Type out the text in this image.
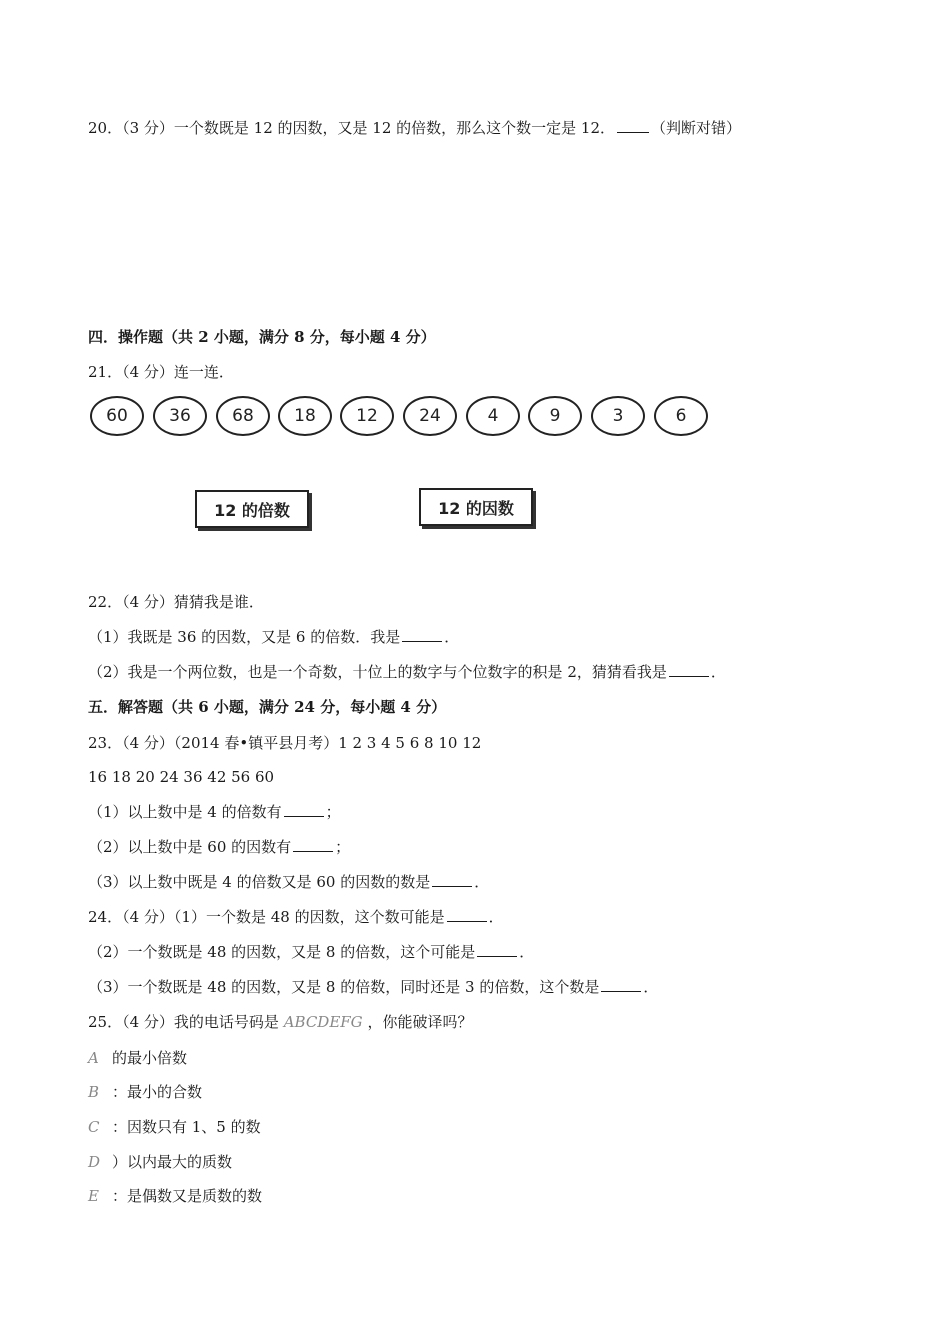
20．（3 分）一个数既是 12 的因数，又是 12 的倍数，那么这个数一定是 12． （判断对错）
四．操作题（共 2 小题，满分 8 分，每小题 4 分）
21．（4 分）连一连．
60	36	68	18	12	24	4	9	3	6
12 的倍数	12 的因数
22．（4 分）猜猜我是谁．
（1）我既是 36 的因数，又是 6 的倍数．我是	．
（2）我是一个两位数，也是一个奇数，十位上的数字与个位数字的积是 2，猜猜看我是	．
五．解答题（共 6 小题，满分 24 分，每小题 4 分）
23．（4 分）（2014 春•镇平县月考）1 2 3 4 5 6 8 10 12
16 18 20 24 36 42 56 60
（1）以上数中是 4 的倍数有	；
（2）以上数中是 60 的因数有	；
（3）以上数中既是 4 的倍数又是 60 的因数的数是	．
24．（4 分）（1）一个数是 48 的因数，这个数可能是	．
（2）一个数既是 48 的因数，又是 8 的倍数，这个可能是	．
（3）一个数既是 48 的因数，又是 8 的倍数，同时还是 3 的倍数，这个数是	．
25．（4 分）我的电话号码是 ABCDEFG ，你能破译吗？
A 的最小倍数
B ：最小的合数
C ：因数只有 1、5 的数
D ）以内最大的质数
E ：是偶数又是质数的数
